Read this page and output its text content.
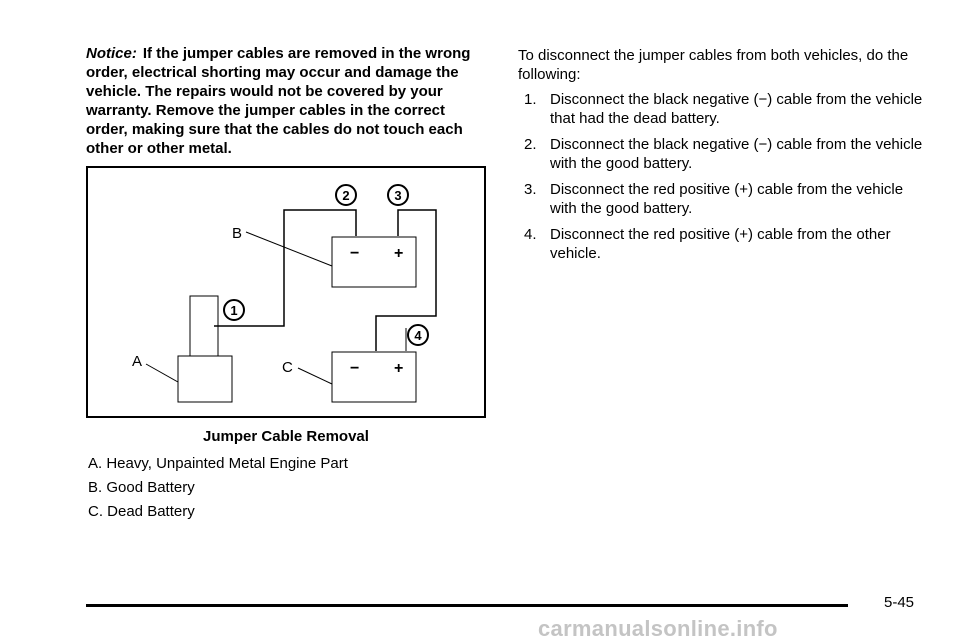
Notice: If the jumper cables are removed in the wrong order, electrical shorting may occur and damage the vehicle. The repairs would not be covered by your warranty. Remove the jumper cables in the correct order, making sure that the cables do not touch each other or other metal.

B
A	C
1
2	3
4
− +
− +

Jumper Cable Removal

A. Heavy, Unpainted Metal Engine Part
B. Good Battery
C. Dead Battery

To disconnect the jumper cables from both vehicles, do the following:

1. Disconnect the black negative (−) cable from the vehicle that had the dead battery.
2. Disconnect the black negative (−) cable from the vehicle with the good battery.
3. Disconnect the red positive (+) cable from the vehicle with the good battery.
4. Disconnect the red positive (+) cable from the other vehicle.
5-45
carmanualsonline.info
